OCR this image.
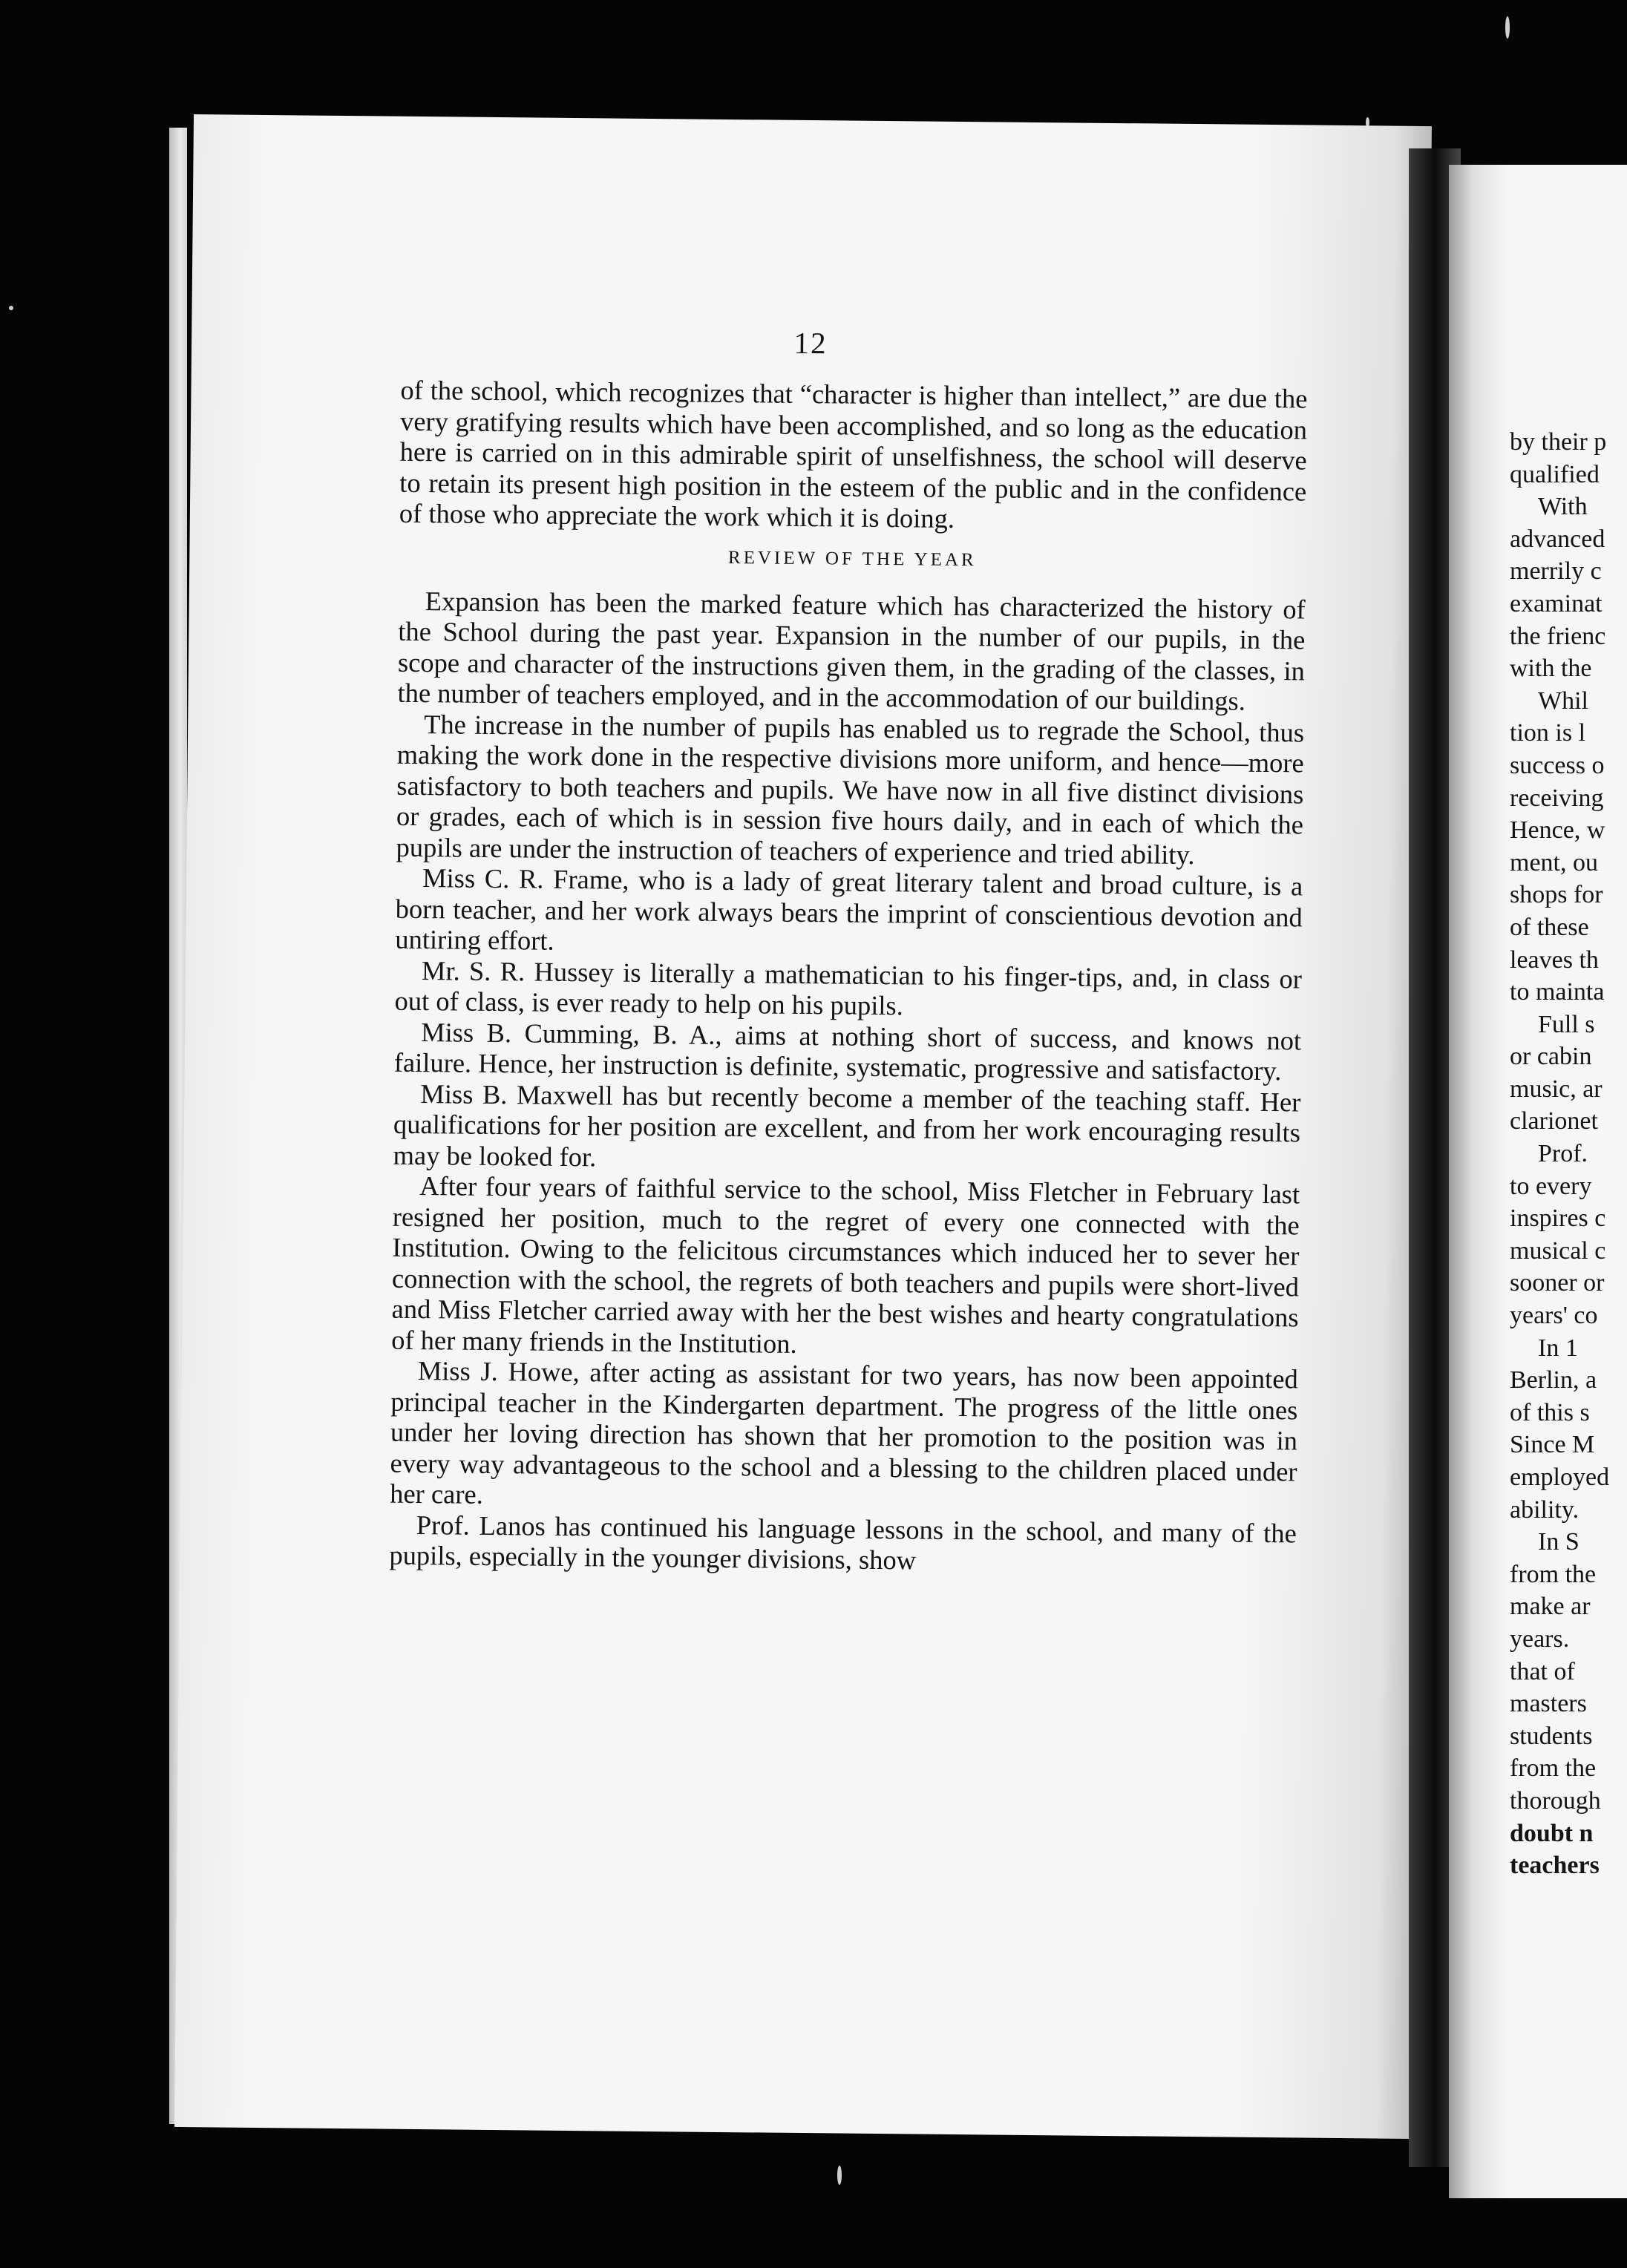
12

of the school, which recognizes that “character is higher than intellect,” are due the very gratifying results which have been accomplished, and so long as the education here is carried on in this admirable spirit of unselfishness, the school will deserve to retain its present high position in the esteem of the public and in the confidence of those who appreciate the work which it is doing.

REVIEW OF THE YEAR

Expansion has been the marked feature which has characterized the history of the School during the past year. Expansion in the number of our pupils, in the scope and character of the instructions given them, in the grading of the classes, in the number of teachers employed, and in the accommodation of our buildings.

The increase in the number of pupils has enabled us to regrade the School, thus making the work done in the respective divisions more uniform, and hence—more satisfactory to both teachers and pupils. We have now in all five distinct divisions or grades, each of which is in session five hours daily, and in each of which the pupils are under the instruction of teachers of experience and tried ability.

Miss C. R. Frame, who is a lady of great literary talent and broad culture, is a born teacher, and her work always bears the imprint of conscientious devotion and untiring effort.

Mr. S. R. Hussey is literally a mathematician to his finger-tips, and, in class or out of class, is ever ready to help on his pupils.

Miss B. Cumming, B. A., aims at nothing short of success, and knows not failure. Hence, her instruction is definite, systematic, progressive and satisfactory.

Miss B. Maxwell has but recently become a member of the teaching staff. Her qualifications for her position are excellent, and from her work encouraging results may be looked for.

After four years of faithful service to the school, Miss Fletcher in February last resigned her position, much to the regret of every one connected with the Institution. Owing to the felicitous circumstances which induced her to sever her connection with the school, the regrets of both teachers and pupils were short-lived and Miss Fletcher carried away with her the best wishes and hearty congratulations of her many friends in the Institution.

Miss J. Howe, after acting as assistant for two years, has now been appointed principal teacher in the Kindergarten department. The progress of the little ones under her loving direction has shown that her promotion to the position was in every way advantageous to the school and a blessing to the children placed under her care.

Prof. Lanos has continued his language lessons in the school, and many of the pupils, especially in the younger divisions, show

by their p
qualified
With
advanced
merrily c
examinat
the frienc
with the
Whil
tion is l
success o
receiving
Hence, w
ment, ou
shops for
of these
leaves th
to mainta
Full s
or cabin
music, ar
clarionet
Prof.
to every
inspires c
musical c
sooner or
years' co
In 1
Berlin, a
of this s
Since M
employed
ability.
In S
from the
make ar
years.
that of
masters
students
from the
thorough
doubt n
teachers
